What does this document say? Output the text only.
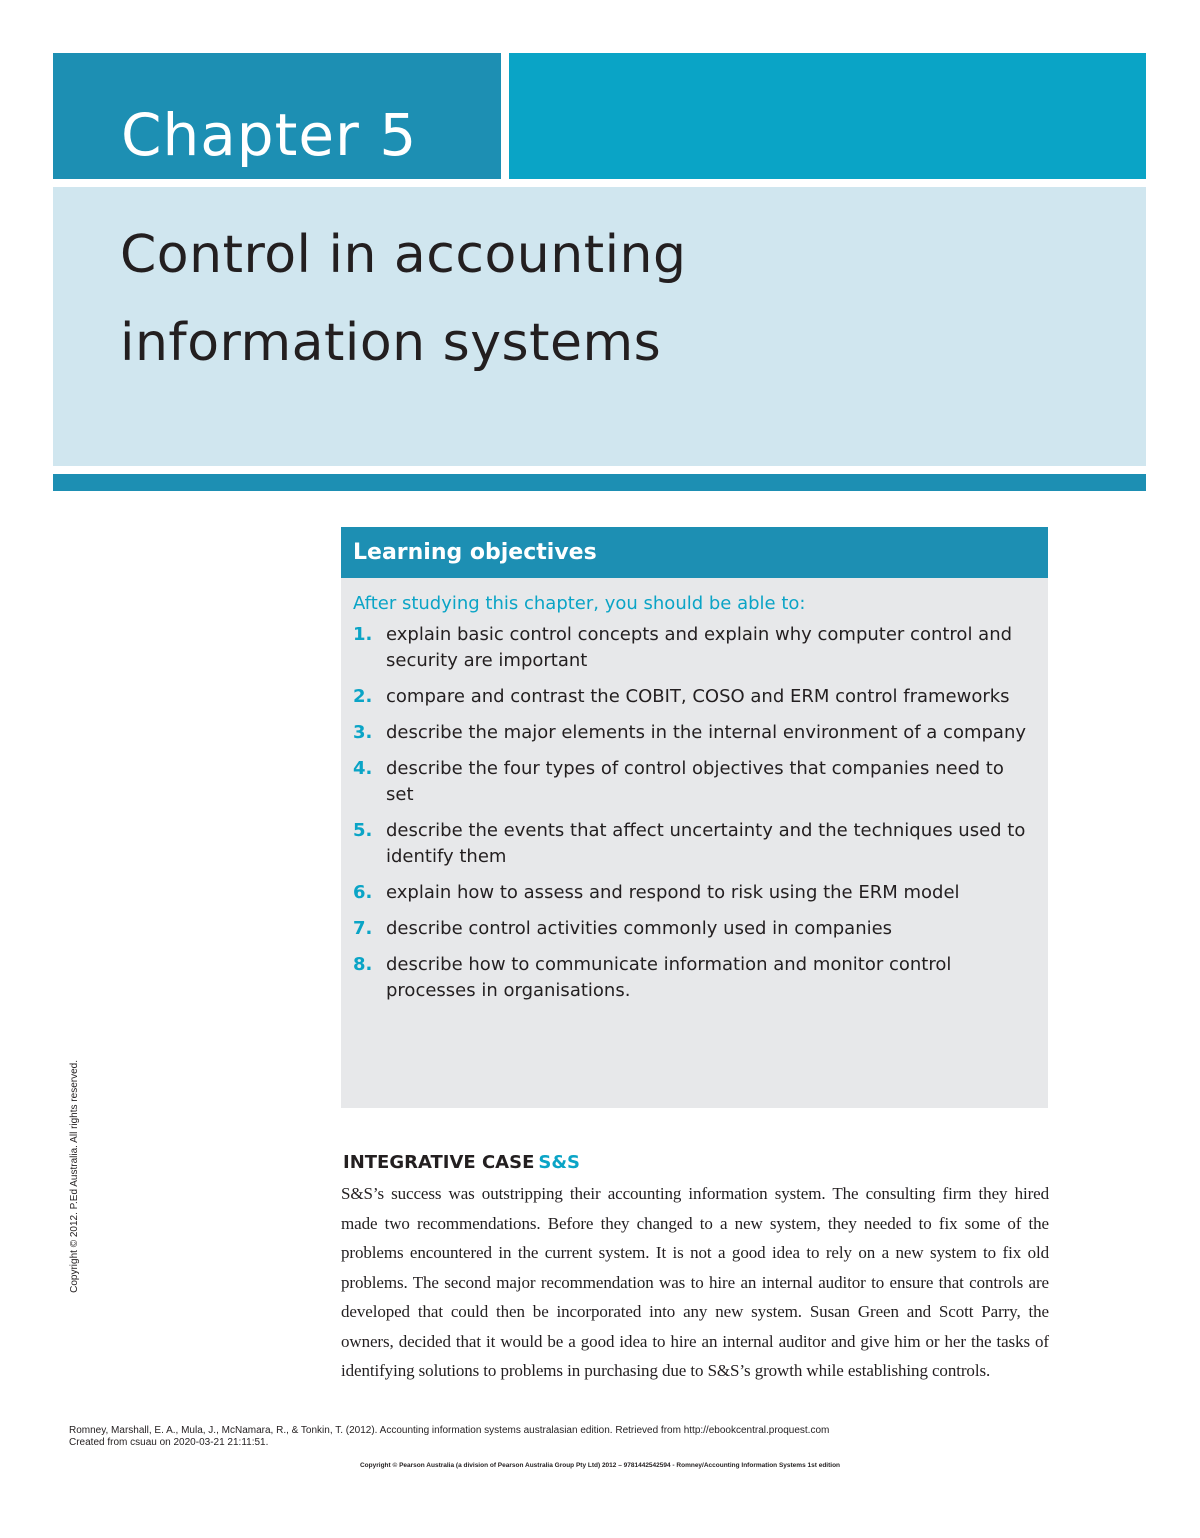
Chapter 5
Control in accounting
information systems
Learning objectives

After studying this chapter, you should be able to:

1. explain basic control concepts and explain why computer control and security are important
2. compare and contrast the COBIT, COSO and ERM control frameworks
3. describe the major elements in the internal environment of a company
4. describe the four types of control objectives that companies need to set
5. describe the events that affect uncertainty and the techniques used to identify them
6. explain how to assess and respond to risk using the ERM model
7. describe control activities commonly used in companies
8. describe how to communicate information and monitor control processes in organisations.
INTEGRATIVE CASE S&S

S&S’s success was outstripping their accounting information system. The consulting firm they hired made two recommendations. Before they changed to a new system, they needed to fix some of the problems encountered in the current system. It is not a good idea to rely on a new system to fix old problems. The second major recommendation was to hire an internal auditor to ensure that controls are developed that could then be incorporated into any new system. Susan Green and Scott Parry, the owners, decided that it would be a good idea to hire an internal auditor and give him or her the tasks of identifying solutions to problems in purchasing due to S&S’s growth while establishing controls.

Copyright © 2012. P.Ed Australia. All rights reserved.

Romney, Marshall, E. A., Mula, J., McNamara, R., & Tonkin, T. (2012). Accounting information systems australasian edition. Retrieved from http://ebookcentral.proquest.com

Created from csuau on 2020-03-21 21:11:51.

Copyright © Pearson Australia (a division of Pearson Australia Group Pty Ltd) 2012 – 9781442542594 - Romney/Accounting Information Systems 1st edition
